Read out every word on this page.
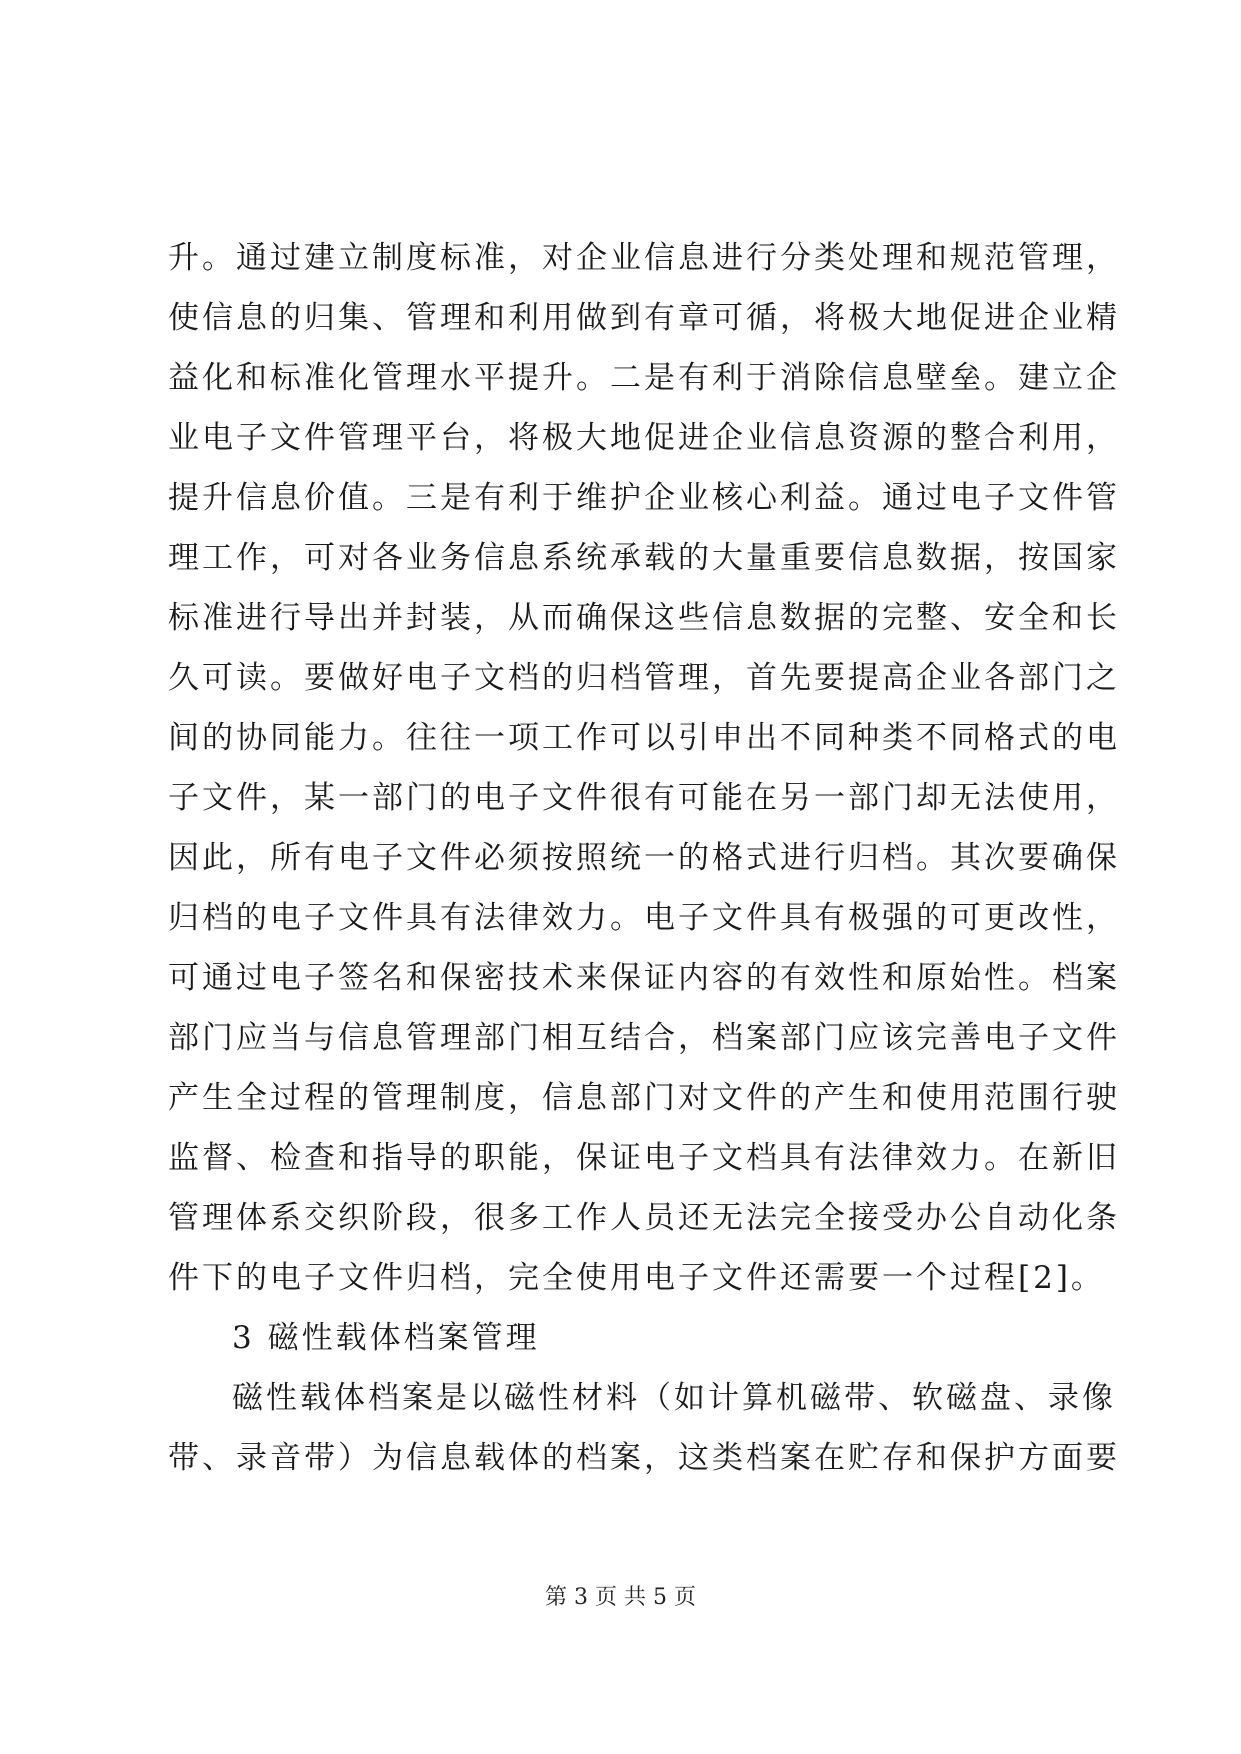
升。通过建立制度标准，对企业信息进行分类处理和规范管理，
使信息的归集、管理和利用做到有章可循，将极大地促进企业精
益化和标准化管理水平提升。二是有利于消除信息壁垒。建立企
业电子文件管理平台，将极大地促进企业信息资源的整合利用，
提升信息价值。三是有利于维护企业核心利益。通过电子文件管
理工作，可对各业务信息系统承载的大量重要信息数据，按国家
标准进行导出并封装，从而确保这些信息数据的完整、安全和长
久可读。要做好电子文档的归档管理，首先要提高企业各部门之
间的协同能力。往往一项工作可以引申出不同种类不同格式的电
子文件，某一部门的电子文件很有可能在另一部门却无法使用，
因此，所有电子文件必须按照统一的格式进行归档。其次要确保
归档的电子文件具有法律效力。电子文件具有极强的可更改性，
可通过电子签名和保密技术来保证内容的有效性和原始性。档案
部门应当与信息管理部门相互结合，档案部门应该完善电子文件
产生全过程的管理制度，信息部门对文件的产生和使用范围行驶
监督、检查和指导的职能，保证电子文档具有法律效力。在新旧
管理体系交织阶段，很多工作人员还无法完全接受办公自动化条
件下的电子文件归档，完全使用电子文件还需要一个过程[2]。
3 磁性载体档案管理
磁性载体档案是以磁性材料（如计算机磁带、软磁盘、录像
带、录音带）为信息载体的档案，这类档案在贮存和保护方面要
第 3 页 共 5 页
